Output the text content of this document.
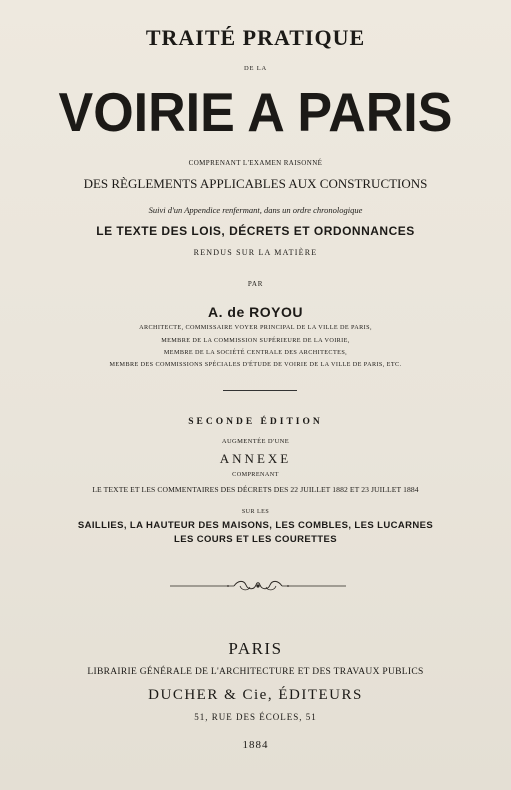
TRAITÉ PRATIQUE
DE LA
VOIRIE A PARIS
COMPRENANT L'EXAMEN RAISONNÉ
DES RÈGLEMENTS APPLICABLES AUX CONSTRUCTIONS
Suivi d'un Appendice renfermant, dans un ordre chronologique
LE TEXTE DES LOIS, DÉCRETS ET ORDONNANCES
RENDUS SUR LA MATIÈRE
PAR
A. de ROYOU
ARCHITECTE, COMMISSAIRE VOYER PRINCIPAL DE LA VILLE DE PARIS,
MEMBRE DE LA COMMISSION SUPÉRIEURE DE LA VOIRIE,
MEMBRE DE LA SOCIÉTÉ CENTRALE DES ARCHITECTES,
MEMBRE DES COMMISSIONS SPÉCIALES D'ÉTUDE DE VOIRIE DE LA VILLE DE PARIS, ETC.
SECONDE ÉDITION
AUGMENTÉE D'UNE
ANNEXE
COMPRENANT
LE TEXTE ET LES COMMENTAIRES DES DÉCRETS DES 22 JUILLET 1882 ET 23 JUILLET 1884
SUR LES
SAILLIES, LA HAUTEUR DES MAISONS, LES COMBLES, LES LUCARNES
LES COURS ET LES COURETTES
PARIS
LIBRAIRIE GÉNÉRALE DE L'ARCHITECTURE ET DES TRAVAUX PUBLICS
DUCHER & Cie, ÉDITEURS
51, RUE DES ÉCOLES, 51
1884
